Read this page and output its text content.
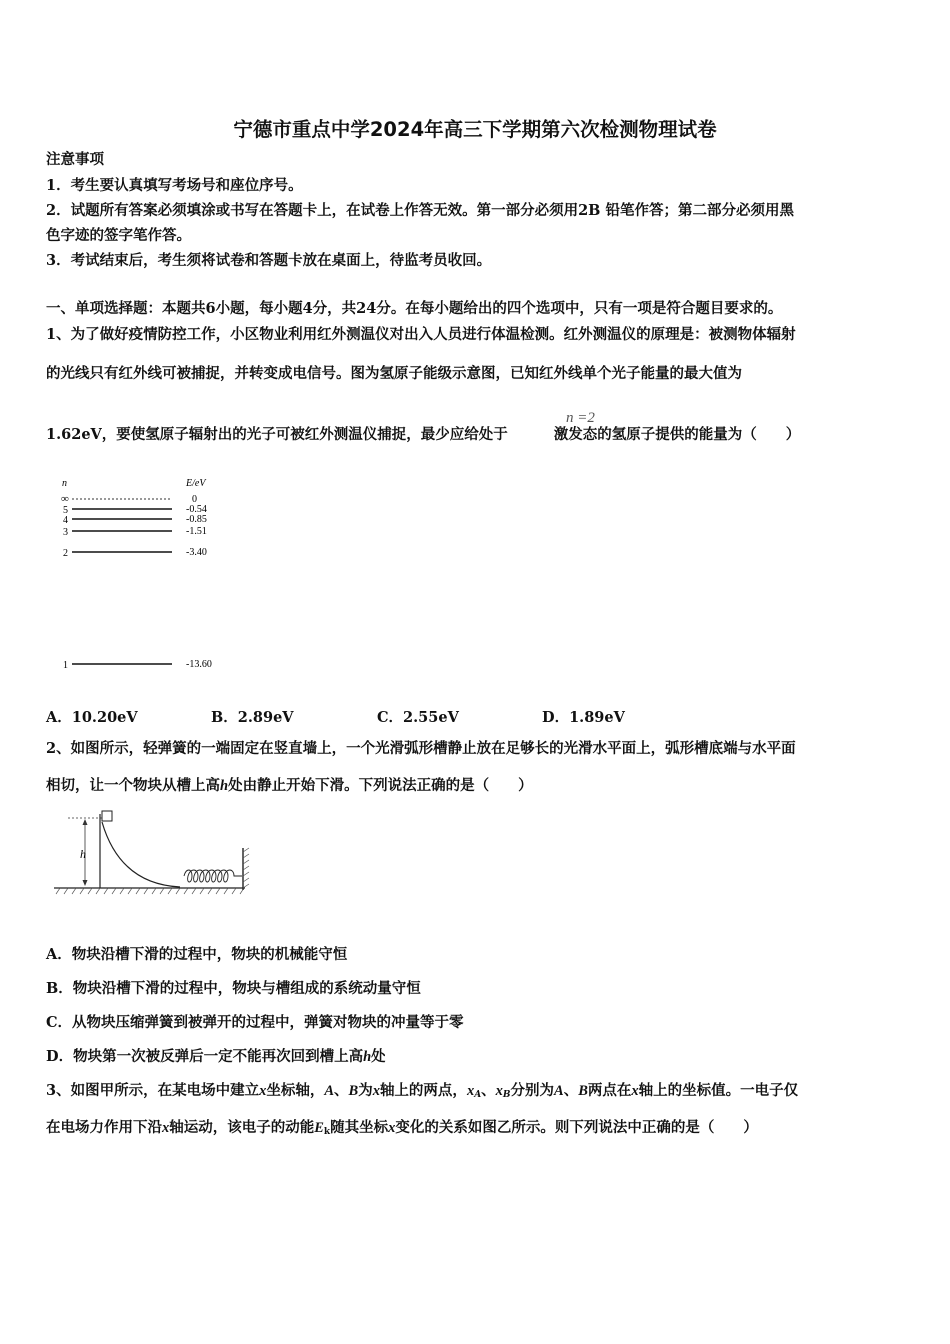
宁德市重点中学2024年高三下学期第六次检测物理试卷
注意事项
1．考生要认真填写考场号和座位序号。
2．试题所有答案必须填涂或书写在答题卡上，在试卷上作答无效。第一部分必须用2B 铅笔作答；第二部分必须用黑
色字迹的签字笔作答。
3．考试结束后，考生须将试卷和答题卡放在桌面上，待监考员收回。
一、单项选择题：本题共6小题，每小题4分，共24分。在每小题给出的四个选项中，只有一项是符合题目要求的。
1、为了做好疫情防控工作，小区物业利用红外测温仪对出入人员进行体温检测。红外测温仪的原理是：被测物体辐射
的光线只有红外线可被捕捉，并转变成电信号。图为氢原子能级示意图，已知红外线单个光子能量的最大值为
1.62eV，要使氢原子辐射出的光子可被红外测温仪捕捉，最少应给处于	激发态的氢原子提供的能量为（　　）
n =2
n	E/eV
∞	0
5	-0.54
4	-0.85
3	-1.51
2	-3.40
1	-13.60
A．10.20eV	B．2.89eV	C．2.55eV	D．1.89eV
2、如图所示，轻弹簧的一端固定在竖直墙上，一个光滑弧形槽静止放在足够长的光滑水平面上，弧形槽底端与水平面
相切，让一个物块从槽上高h处由静止开始下滑。下列说法正确的是（　　）
h
A．物块沿槽下滑的过程中，物块的机械能守恒
B．物块沿槽下滑的过程中，物块与槽组成的系统动量守恒
C．从物块压缩弹簧到被弹开的过程中，弹簧对物块的冲量等于零
D．物块第一次被反弹后一定不能再次回到槽上高h处
3、如图甲所示，在某电场中建立x坐标轴，A、B为x轴上的两点，$x_A$、$x_B$分别为A、B两点在x轴上的坐标值。一电子仅
在电场力作用下沿x轴运动，该电子的动能$E_k$随其坐标x变化的关系如图乙所示。则下列说法中正确的是（　　）
